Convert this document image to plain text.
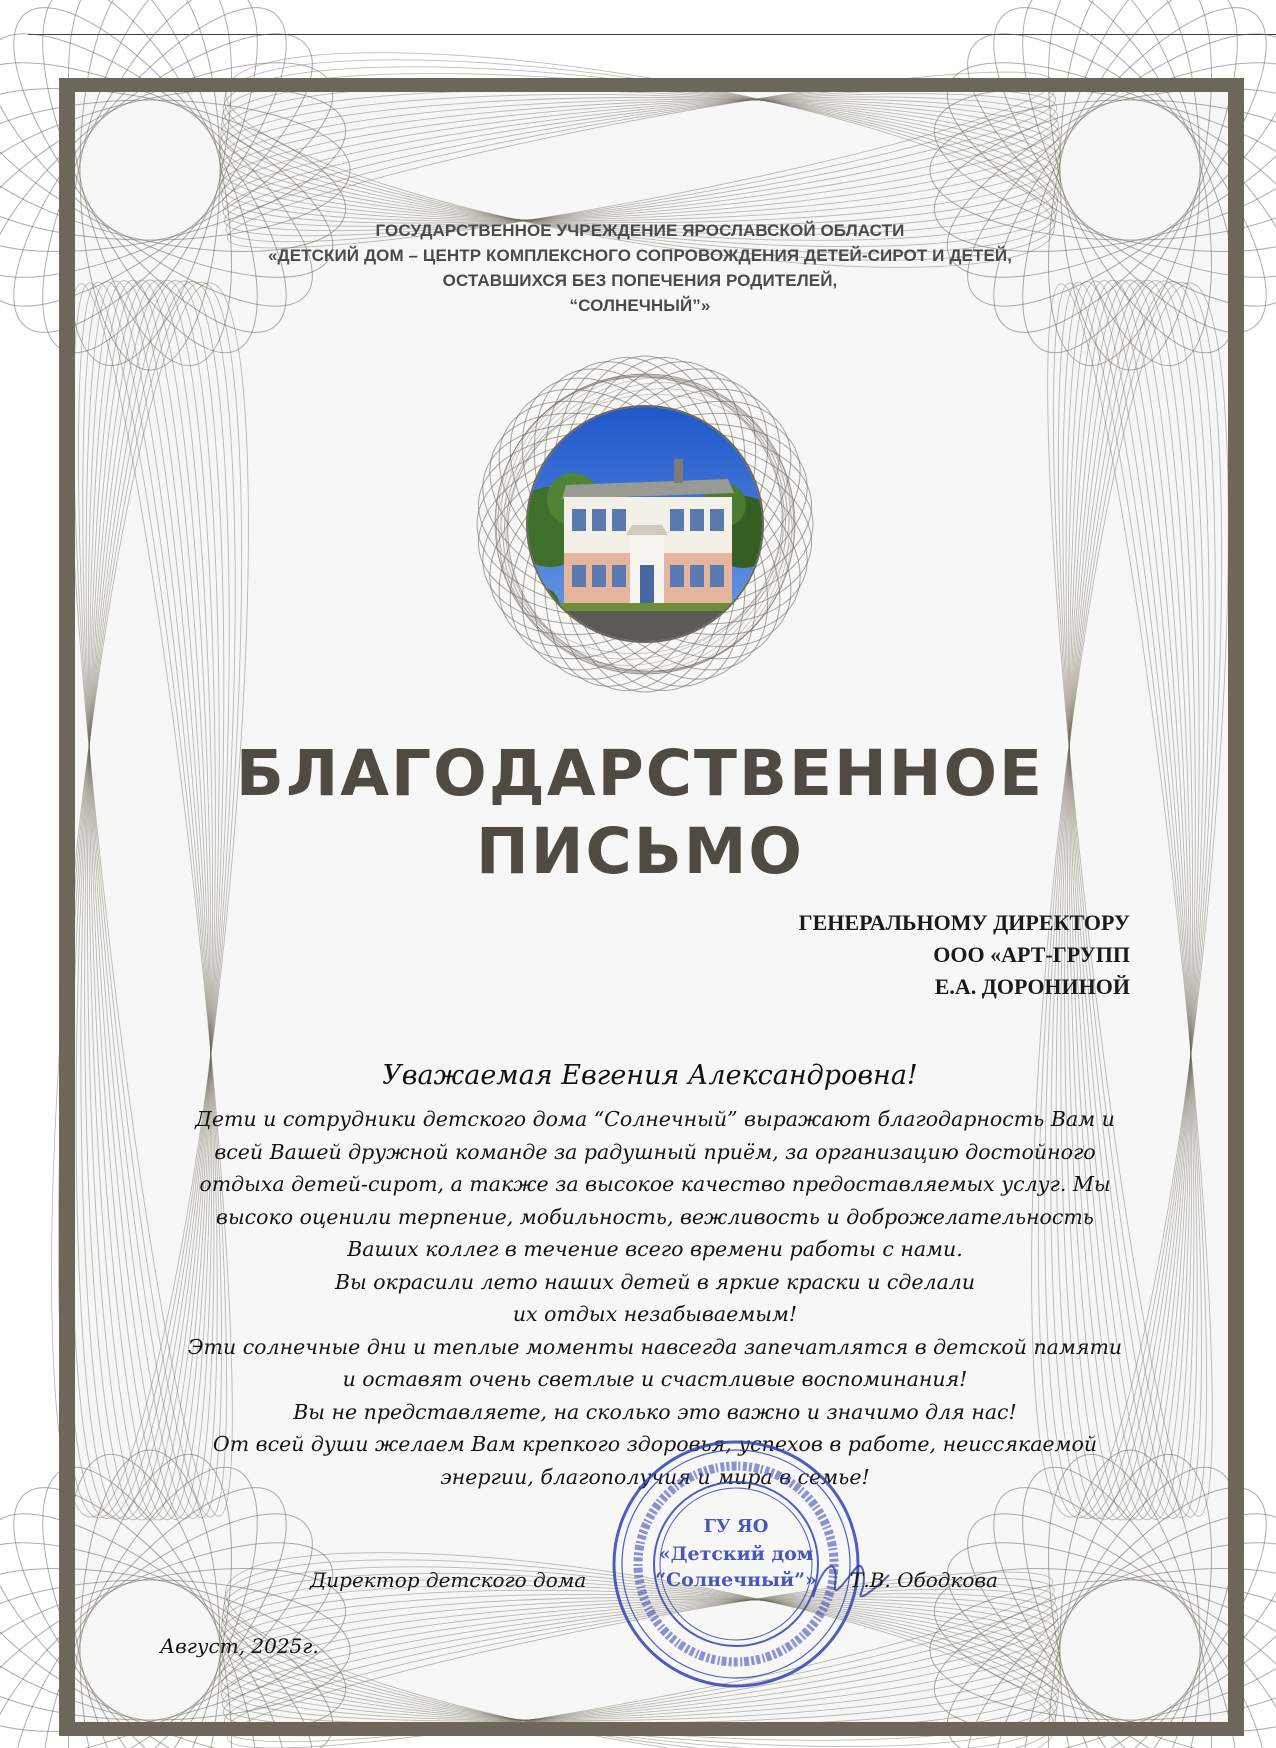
ГОСУДАРСТВЕННОЕ УЧРЕЖДЕНИЕ ЯРОСЛАВСКОЙ ОБЛАСТИ
«ДЕТСКИЙ ДОМ – ЦЕНТР КОМПЛЕКСНОГО СОПРОВОЖДЕНИЯ ДЕТЕЙ-СИРОТ И ДЕТЕЙ,
ОСТАВШИХСЯ БЕЗ ПОПЕЧЕНИЯ РОДИТЕЛЕЙ,
“СОЛНЕЧНЫЙ”»
БЛАГОДАРСТВЕННОЕ
ПИСЬМО
ГЕНЕРАЛЬНОМУ ДИРЕКТОРУ
ООО «АРТ-ГРУПП
Е.А. ДОРОНИНОЙ
Уважаемая Евгения Александровна!
Дети и сотрудники детского дома “Солнечный” выражают благодарность Вам и
всей Вашей дружной команде за радушный приём, за организацию достойного
отдыха детей-сирот, а также за высокое качество предоставляемых услуг. Мы
высоко оценили терпение, мобильность, вежливость и доброжелательность
Ваших коллег в течение всего времени работы с нами.
Вы окрасили лето наших детей в яркие краски и сделали
их отдых незабываемым!
Эти солнечные дни и теплые моменты навсегда запечатлятся в детской памяти
и оставят очень светлые и счастливые воспоминания!
Вы не представляете, на сколько это важно и значимо для нас!
От всей души желаем Вам крепкого здоровья, успехов в работе, неиссякаемой
энергии, благополучия и мира в семье!
Директор детского дома
ГУ ЯО
«Детский дом
“Солнечный”» Т.В. Ободкова
Август, 2025г.
